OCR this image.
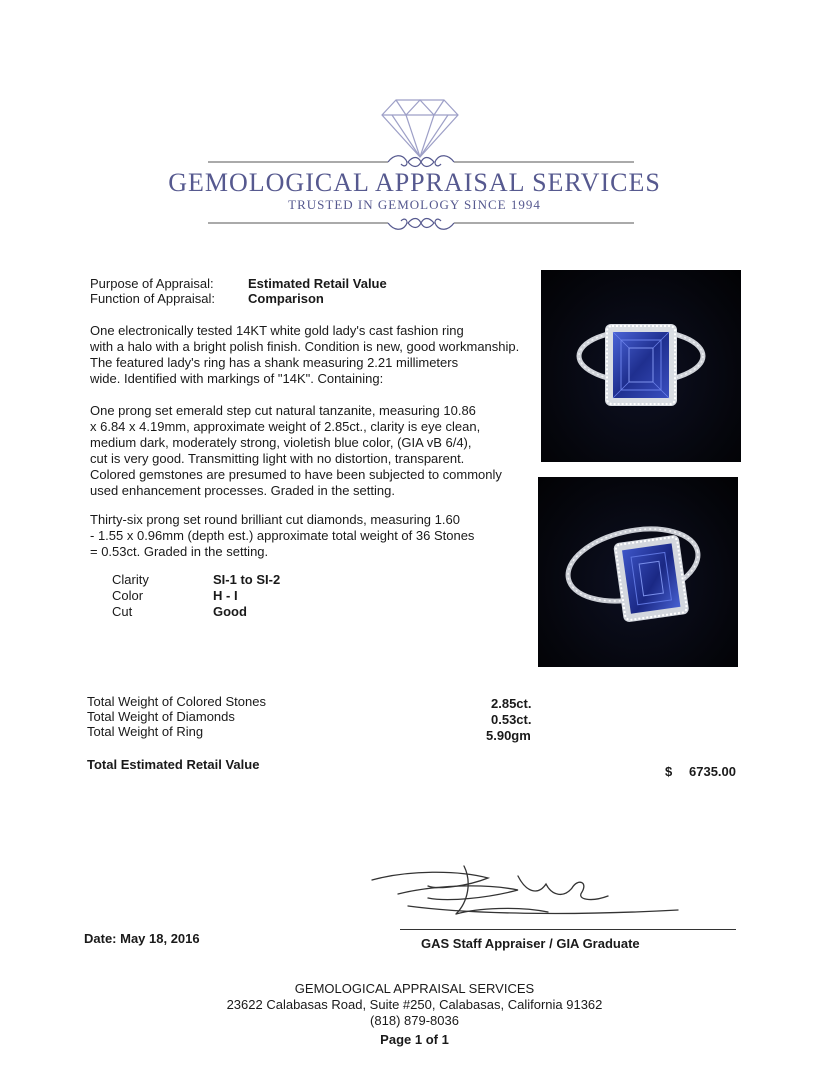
GEMOLOGICAL APPRAISAL SERVICES
TRUSTED IN GEMOLOGY SINCE 1994
Purpose of Appraisal:	Estimated Retail Value
Function of Appraisal:	Comparison
One electronically tested 14KT white gold lady's cast fashion ring
with a halo with a bright polish finish. Condition is new, good workmanship.
The featured lady's ring has a shank measuring 2.21 millimeters
wide. Identified with markings of "14K". Containing:
One prong set emerald step cut natural tanzanite, measuring 10.86
x 6.84 x 4.19mm, approximate weight of 2.85ct., clarity is eye clean,
medium dark, moderately strong, violetish blue color, (GIA vB 6/4),
cut is very good. Transmitting light with no distortion, transparent.
Colored gemstones are presumed to have been subjected to commonly
used enhancement processes. Graded in the setting.
Thirty-six prong set round brilliant cut diamonds, measuring 1.60
- 1.55 x 0.96mm (depth est.) approximate total weight of 36 Stones
= 0.53ct. Graded in the setting.
Clarity	SI-1 to SI-2
Color	H - I
Cut	Good
Total Weight of Colored Stones	2.85ct.
Total Weight of Diamonds	0.53ct.
Total Weight of Ring	5.90gm
Total Estimated Retail Value	$ 6735.00
Date: May 18, 2016	GAS Staff Appraiser / GIA Graduate
GEMOLOGICAL APPRAISAL SERVICES
23622 Calabasas Road, Suite #250, Calabasas, California 91362
(818) 879-8036
Page 1 of 1
